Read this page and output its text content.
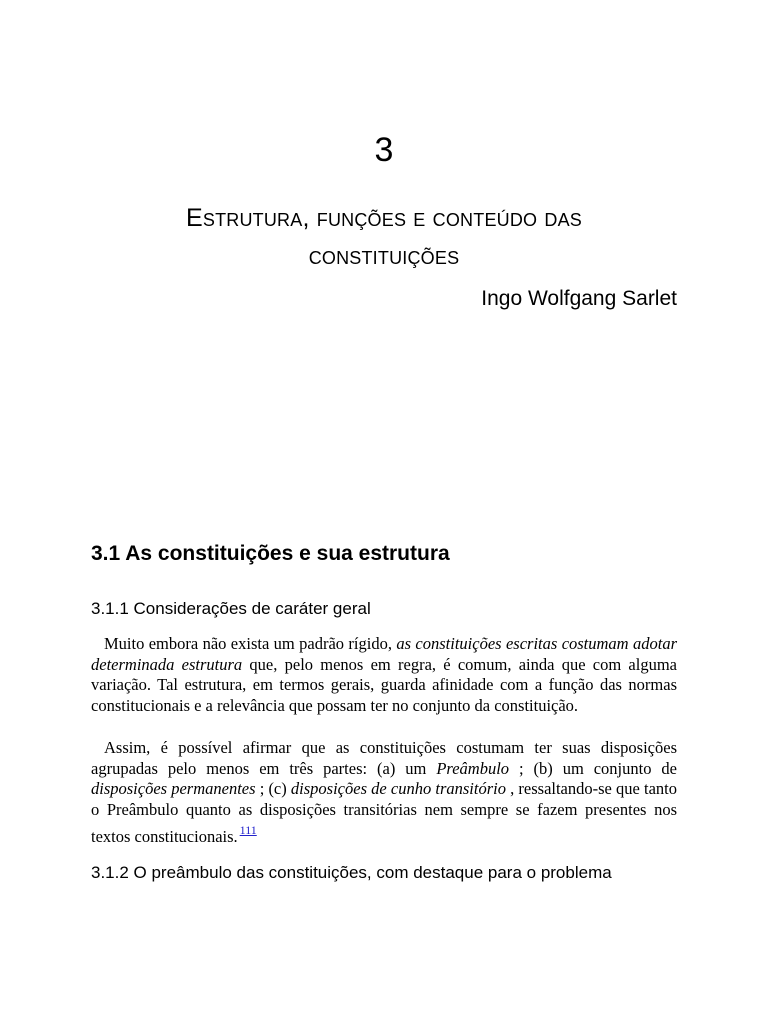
3
Estrutura, funções e conteúdo das
constituições
Ingo Wolfgang Sarlet
3.1 As constituições e sua estrutura
3.1.1 Considerações de caráter geral

Muito embora não exista um padrão rígido, as constituições escritas costumam adotar determinada estrutura que, pelo menos em regra, é comum, ainda que com alguma variação. Tal estrutura, em termos gerais, guarda afinidade com a função das normas constitucionais e a relevância que possam ter no conjunto da constituição.

Assim, é possível afirmar que as constituições costumam ter suas disposições agrupadas pelo menos em três partes: (a) um Preâmbulo ; (b) um conjunto de disposições permanentes ; (c) disposições de cunho transitório , ressaltando-se que tanto o Preâmbulo quanto as disposições transitórias nem sempre se fazem presentes nos textos constitucionais. $^{111}$

3.1.2 O preâmbulo das constituições, com destaque para o problema
